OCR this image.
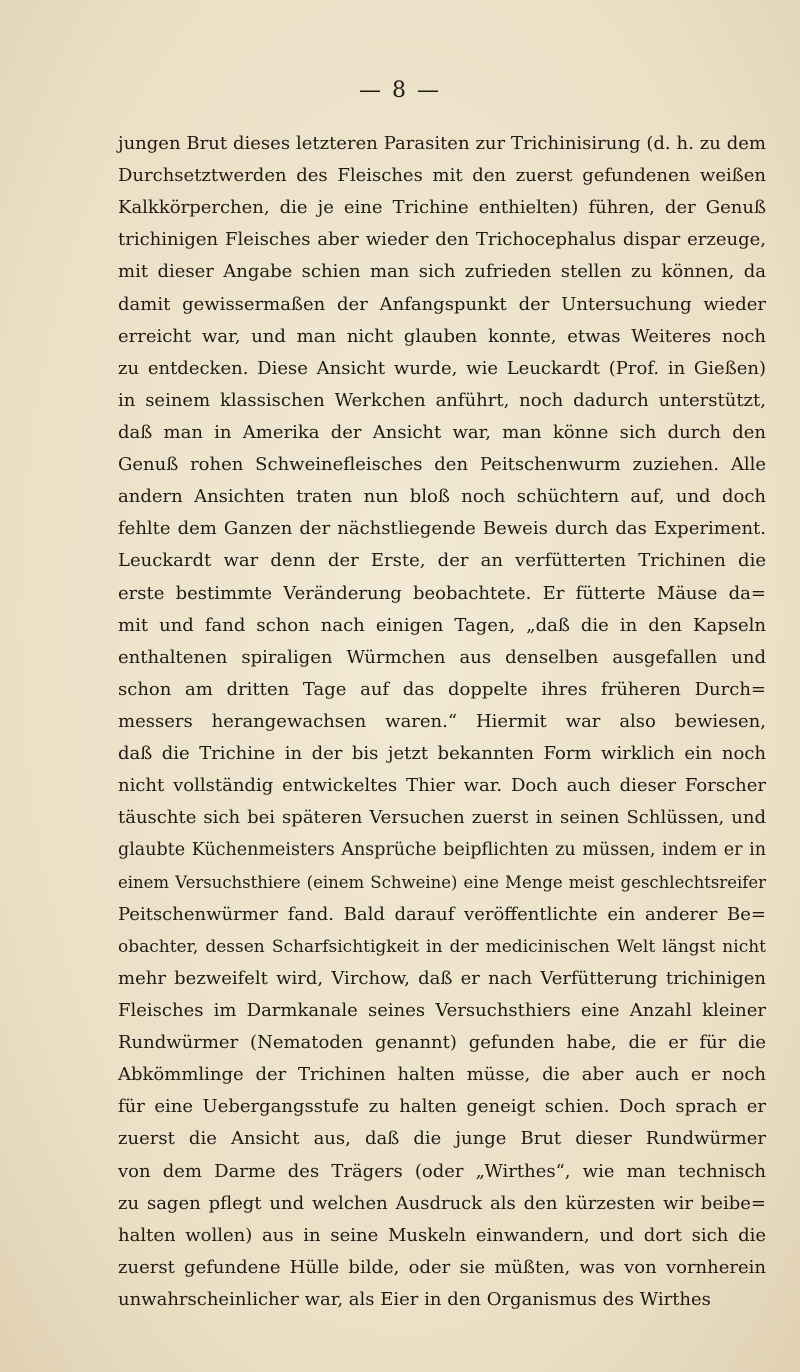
— 8 —
jungen Brut dieses letzteren Parasiten zur Trichinisirung (d. h. zu dem
Durchsetztwerden des Fleisches mit den zuerst gefundenen weißen
Kalkkörperchen, die je eine Trichine enthielten) führen, der Genuß
trichinigen Fleisches aber wieder den Trichocephalus dispar erzeuge,
mit dieser Angabe schien man sich zufrieden stellen zu können, da
damit gewissermaßen der Anfangspunkt der Untersuchung wieder
erreicht war, und man nicht glauben konnte, etwas Weiteres noch
zu entdecken. Diese Ansicht wurde, wie Leuckardt (Prof. in Gießen)
in seinem klassischen Werkchen anführt, noch dadurch unterstützt,
daß man in Amerika der Ansicht war, man könne sich durch den
Genuß rohen Schweinefleisches den Peitschenwurm zuziehen. Alle
andern Ansichten traten nun bloß noch schüchtern auf, und doch
fehlte dem Ganzen der nächstliegende Beweis durch das Experiment.
Leuckardt war denn der Erste, der an verfütterten Trichinen die
erste bestimmte Veränderung beobachtete. Er fütterte Mäuse da=
mit und fand schon nach einigen Tagen, „daß die in den Kapseln
enthaltenen spiraligen Würmchen aus denselben ausgefallen und
schon am dritten Tage auf das doppelte ihres früheren Durch=
messers herangewachsen waren.“ Hiermit war also bewiesen,
daß die Trichine in der bis jetzt bekannten Form wirklich ein noch
nicht vollständig entwickeltes Thier war. Doch auch dieser Forscher
täuschte sich bei späteren Versuchen zuerst in seinen Schlüssen, und
glaubte Küchenmeisters Ansprüche beipflichten zu müssen, indem er in
einem Versuchsthiere (einem Schweine) eine Menge meist geschlechtsreifer
Peitschenwürmer fand. Bald darauf veröffentlichte ein anderer Be=
obachter, dessen Scharfsichtigkeit in der medicinischen Welt längst nicht
mehr bezweifelt wird, Virchow, daß er nach Verfütterung trichinigen
Fleisches im Darmkanale seines Versuchsthiers eine Anzahl kleiner
Rundwürmer (Nematoden genannt) gefunden habe, die er für die
Abkömmlinge der Trichinen halten müsse, die aber auch er noch
für eine Uebergangsstufe zu halten geneigt schien. Doch sprach er
zuerst die Ansicht aus, daß die junge Brut dieser Rundwürmer
von dem Darme des Trägers (oder „Wirthes“, wie man technisch
zu sagen pflegt und welchen Ausdruck als den kürzesten wir beibe=
halten wollen) aus in seine Muskeln einwandern, und dort sich die
zuerst gefundene Hülle bilde, oder sie müßten, was von vornherein
unwahrscheinlicher war, als Eier in den Organismus des Wirthes
